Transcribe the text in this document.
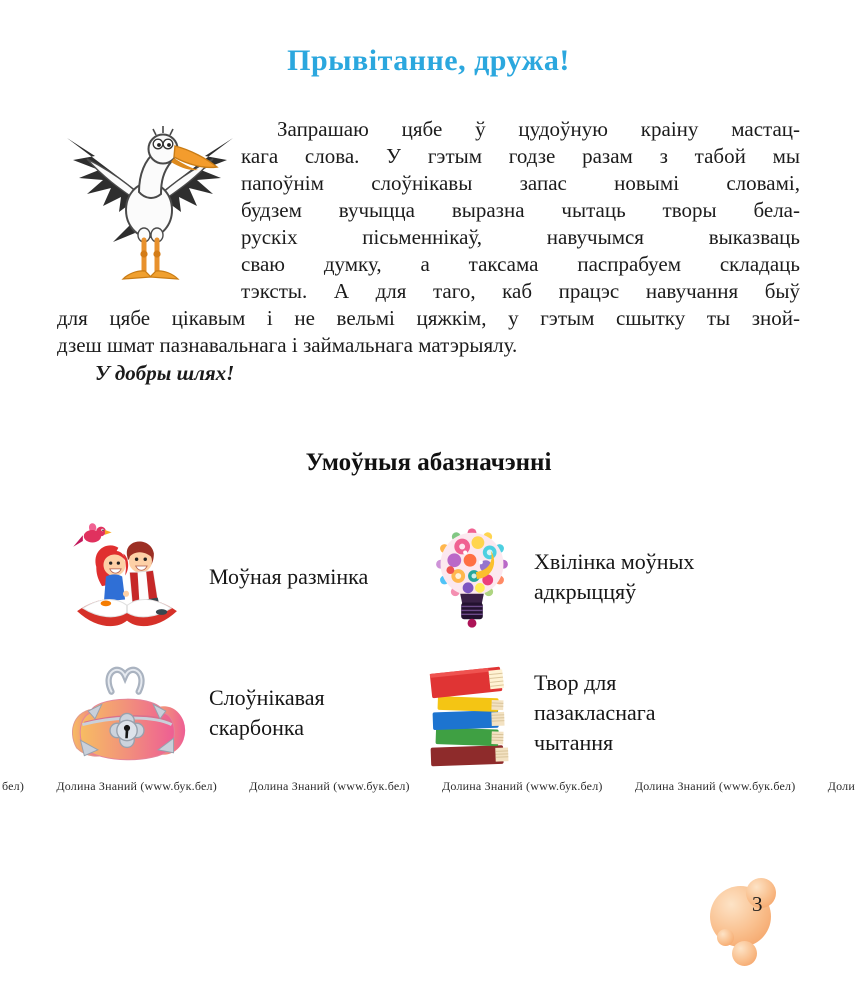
Прывітанне, дружа!
Запрашаю цябе ў цудоўную краіну мастац-
кага слова. У гэтым годзе разам з табой мы
папоўнім слоўнікавы запас новымі словамі,
будзем вучыцца выразна чытаць творы бела-
рускіх пісьменнікаў, навучымся выказваць
сваю думку, а таксама паспрабуем складаць
тэксты. А для таго, каб працэс навучання быў
для цябе цікавым і не вельмі цяжкім, у гэтым сшытку ты зной-
дзеш шмат пазнавальнага і займальнага матэрыялу.
У добры шлях!
Умоўныя абазначэнні
Моўная размінка
Хвілінка моўных адкрыццяў
Слоўнікавая скарбонка
Твор для пазакласнага чытання
бел)	Долина Знаний (www.бук.бел)	Долина Знаний (www.бук.бел)	Долина Знаний (www.бук.бел)	Долина Знаний (www.бук.бел)	Доли
3
